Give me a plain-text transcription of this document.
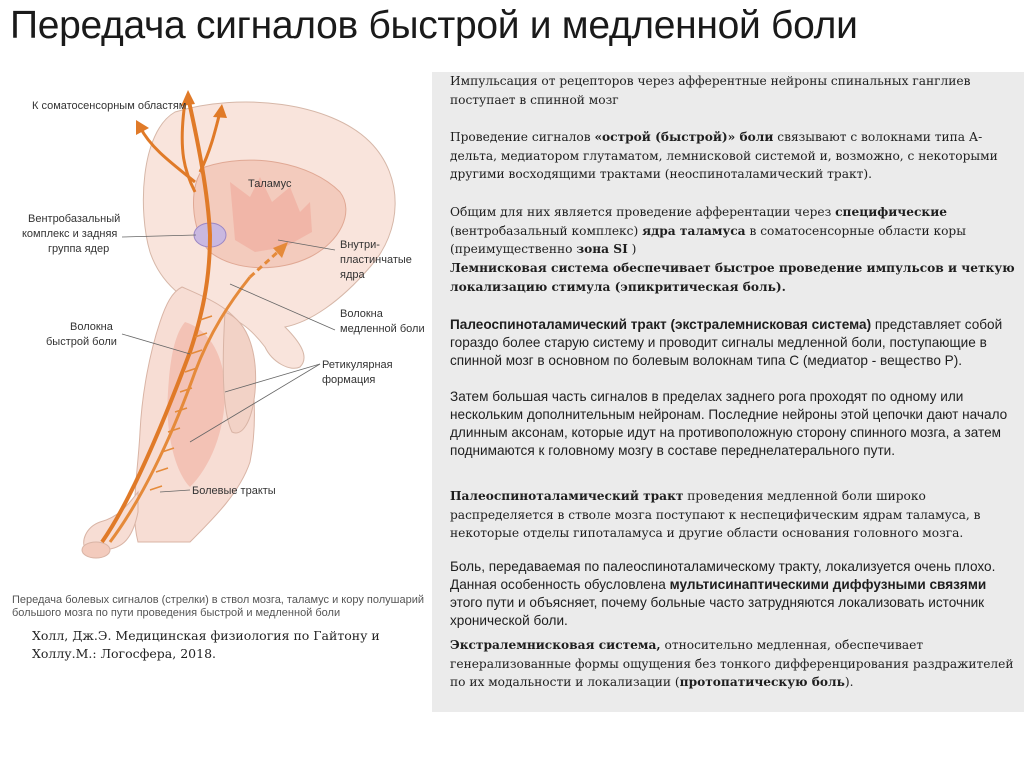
Передача сигналов быстрой и медленной боли
К соматосенсорным областям
Таламус
Вентробазальный
комплекс и задняя
группа ядер	Внутри-
пластинчатые
ядра
Волокна
медленной боли
Волокна
быстрой боли
Ретикулярная
формация
Болевые тракты
Передача болевых сигналов (стрелки) в ствол мозга, таламус и кору полушарий большого мозга по пути проведения быстрой и медленной боли
Холл, Дж.Э. Медицинская физиология по Гайтону и Холлу.М.: Логосфера, 2018.
Импульсация от рецепторов через афферентные нейроны спинальных ганглиев поступает в спинной мозг
Проведение сигналов «острой (быстрой)» боли связывают с волокнами типа А-дельта, медиатором глутаматом, лемнисковой системой и, возможно, с некоторыми другими восходящими трактами (неоспиноталамический тракт).
Общим для них является проведение афферентации через специфические (вентробазальный комплекс) ядра таламуса в соматосенсорные области коры (преимущественно зона SI )
Лемнисковая система обеспечивает быстрое проведение импульсов и четкую локализацию стимула (эпикритическая боль).
Палеоспиноталамический тракт (экстралемнисковая система) представляет собой гораздо более старую систему и проводит сигналы медленной боли, поступающие в спинной мозг в основном по болевым волокнам типа С (медиатор - вещество Р).
Затем большая часть сигналов в пределах заднего рога проходят по одному или нескольким дополнительным нейронам. Последние нейроны этой цепочки дают начало длинным аксонам, которые идут на противоположную сторону спинного мозга, а затем поднимаются к головному мозгу в составе переднелатерального пути.
Палеоспиноталамический тракт проведения медленной боли широко распределяется в стволе мозга поступают к неспецифическим ядрам таламуса, в некоторые отделы гипоталамуса и другие области основания головного мозга.
Боль, передаваемая по палеоспиноталамическому тракту, локализуется очень плохо. Данная особенность обусловлена мультисинаптическими диффузными связями этого пути и объясняет, почему больные часто затрудняются локализовать источник хронической боли.
Экстралемнисковая система, относительно медленная, обеспечивает генерализованные формы ощущения без тонкого дифференцирования раздражителей по их модальности и локализации (протопатическую боль).
